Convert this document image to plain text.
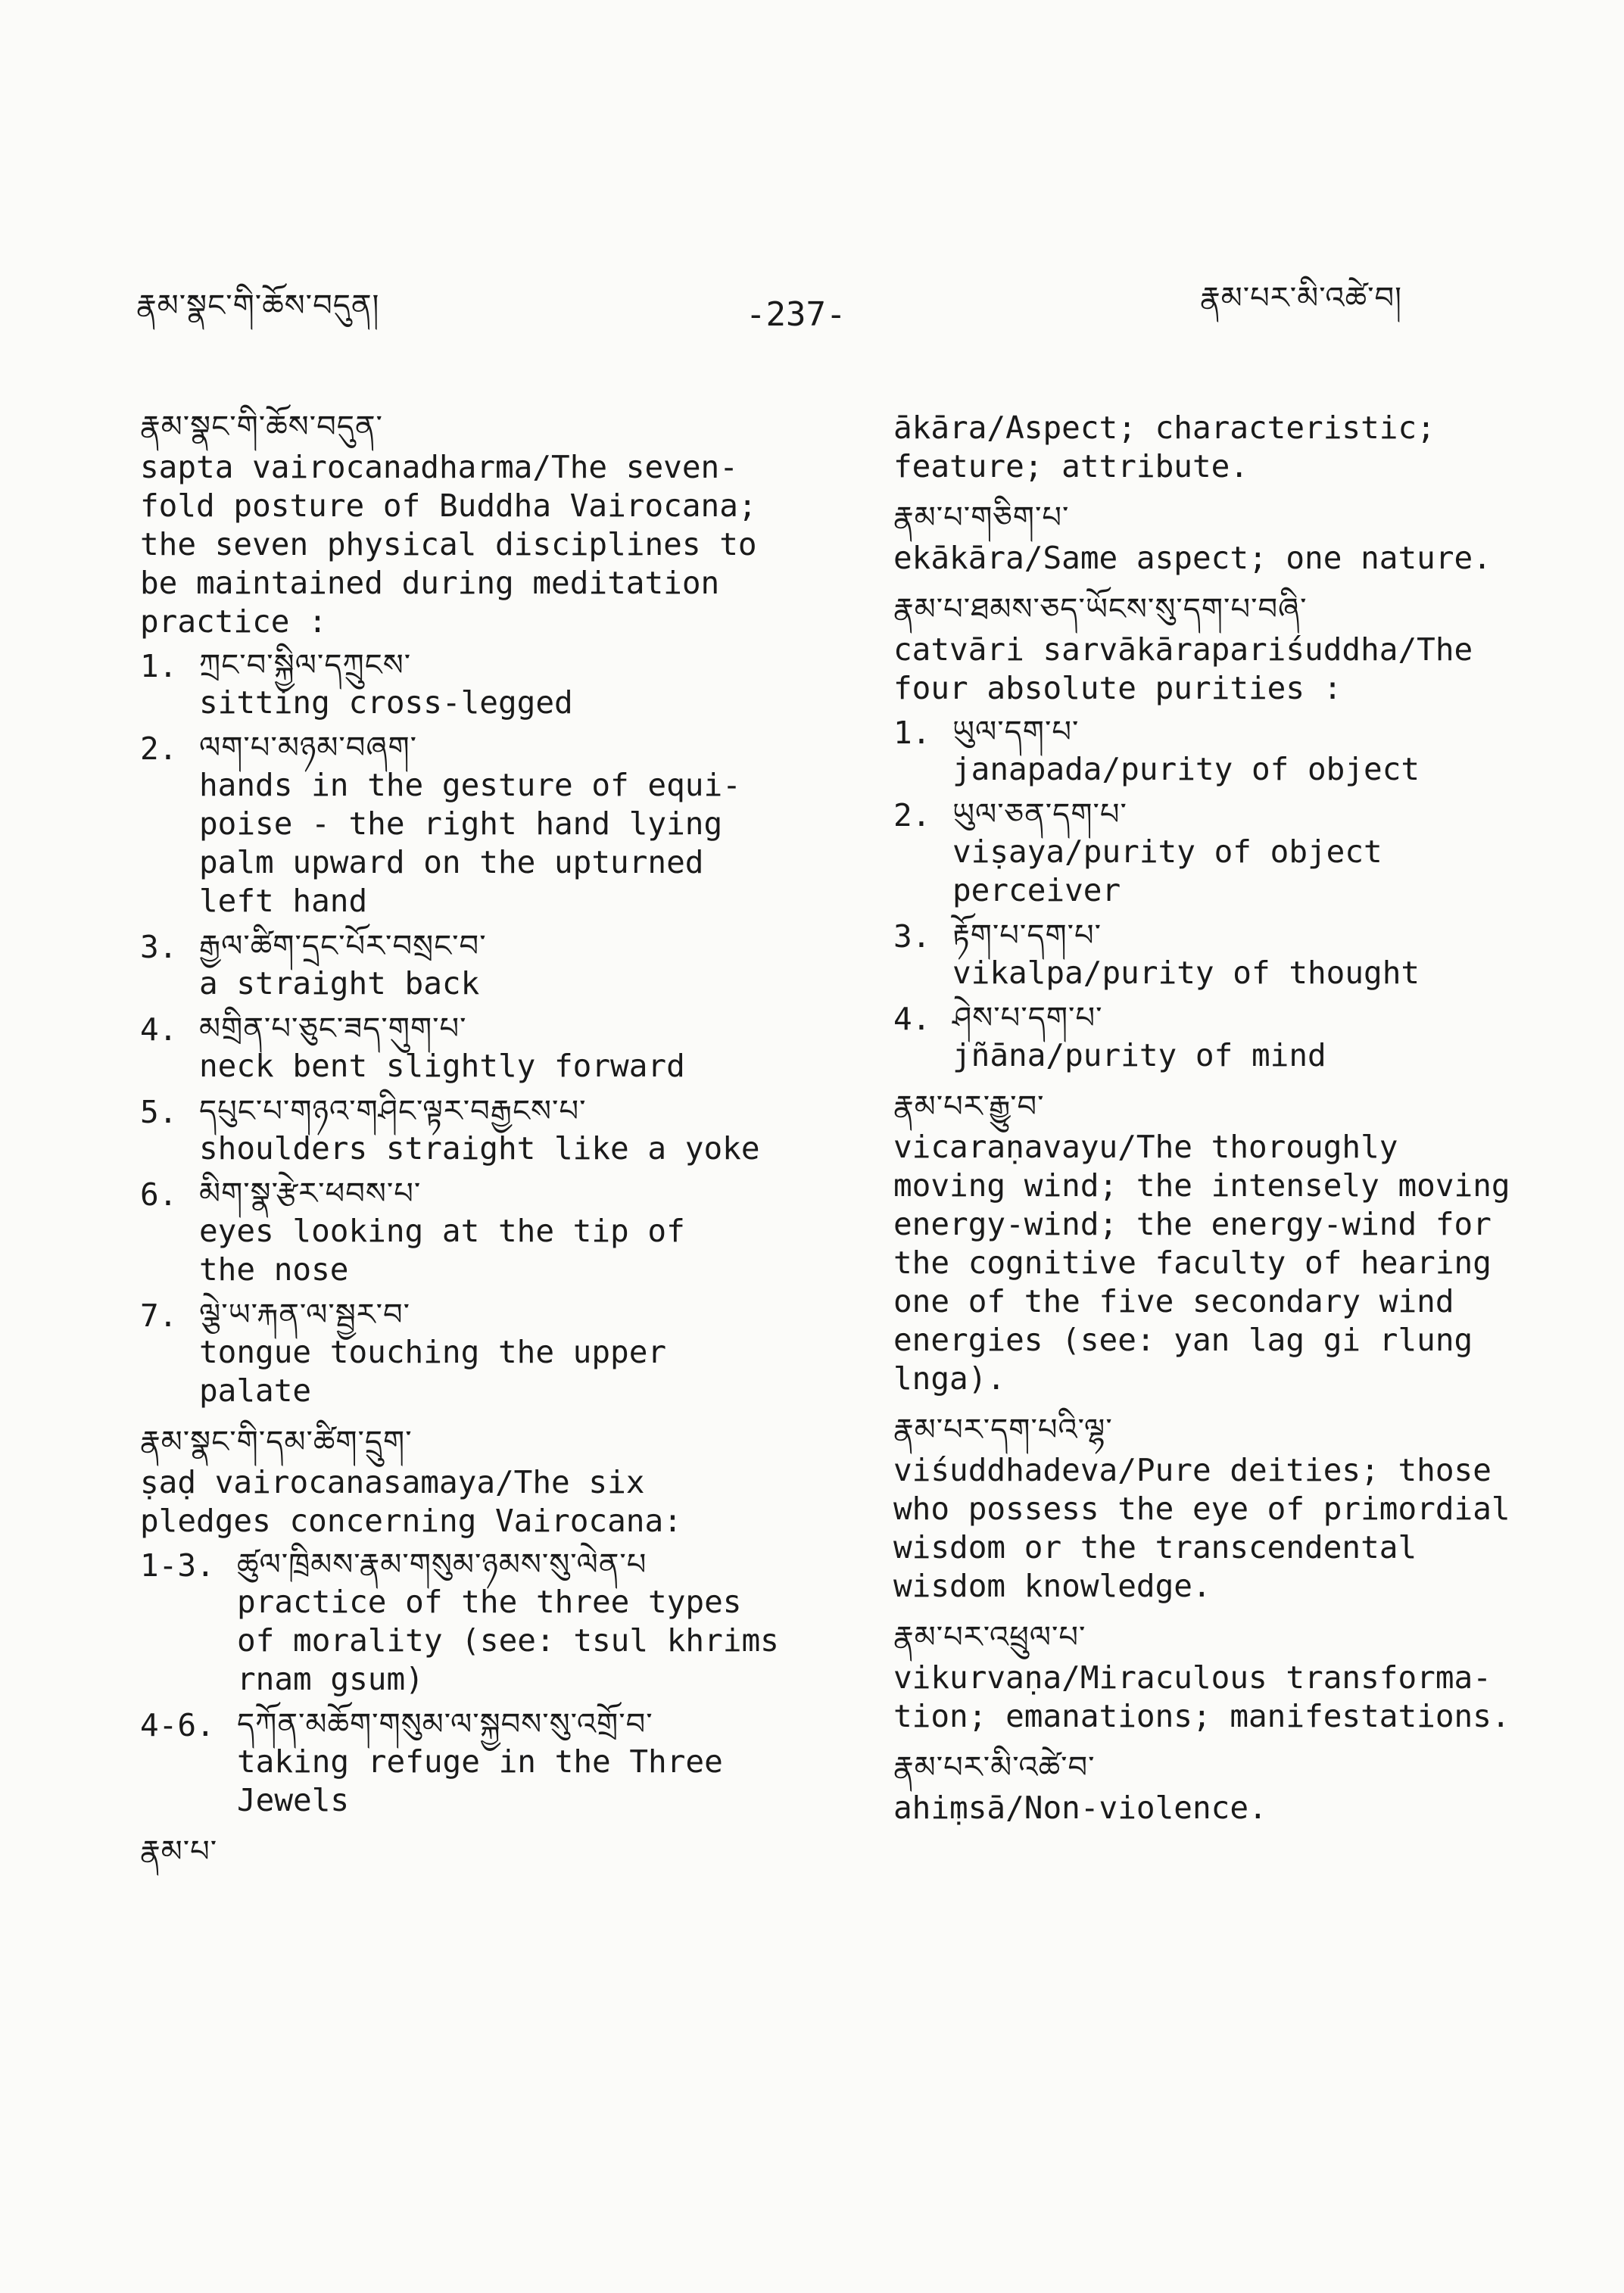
རྣམ་སྣང་གི་ཆོས་བདུན།	-237-	རྣམ་པར་མི་འཚེ་བ།
རྣམ་སྣང་གི་ཆོས་བདུན་
sapta vairocanadharma/The seven-
fold posture of Buddha Vairocana;
the seven physical disciplines to
be maintained during meditation
practice :
1. ཀྲང་བ་སྐྱིལ་དཀྲུངས་
sitting cross-legged
2. ལག་པ་མཉམ་བཞག་
hands in the gesture of equi-
poise - the right hand lying
palm upward on the upturned
left hand
3. རྒྱལ་ཚིག་དྲང་པོར་བསྲང་བ་
a straight back
4. མགྲིན་པ་ཅུང་ཟད་གུག་པ་
neck bent slightly forward
5. དཔུང་པ་གཉའ་གཤིང་ལྟར་བརྒྱངས་པ་
shoulders straight like a yoke
6. མིག་སྣ་རྩེར་ཕབས་པ་
eyes looking at the tip of
the nose
7. ལྕེ་ཡ་རྐན་ལ་སྦྱར་བ་
tongue touching the upper
palate
རྣམ་སྣང་གི་དམ་ཚིག་དྲུག་
ṣaḍ vairocanasamaya/The six
pledges concerning Vairocana:
1-3. ཚུལ་ཁྲིམས་རྣམ་གསུམ་ཉམས་སུ་ལེན་པ
practice of the three types
of morality (see: tsul khrims
rnam gsum)
4-6. དཀོན་མཆོག་གསུམ་ལ་སྐྱབས་སུ་འགྲོ་བ་
taking refuge in the Three
Jewels
རྣམ་པ་
ākāra/Aspect; characteristic;
feature; attribute.
རྣམ་པ་གཅིག་པ་
ekākāra/Same aspect; one nature.
རྣམ་པ་ཐམས་ཅད་ཡོངས་སུ་དག་པ་བཞི་
catvāri sarvākārapariśuddha/The
four absolute purities :
1. ཡུལ་དག་པ་
janapada/purity of object
2. ཡུལ་ཅན་དག་པ་
viṣaya/purity of object
perceiver
3. རྟོག་པ་དག་པ་
vikalpa/purity of thought
4. ཤེས་པ་དག་པ་
jñāna/purity of mind
རྣམ་པར་རྒྱུ་བ་
vicaraṇavayu/The thoroughly
moving wind; the intensely moving
energy-wind; the energy-wind for
the cognitive faculty of hearing
one of the five secondary wind
energies (see: yan lag gi rlung
lnga).
རྣམ་པར་དག་པའི་ལྷ་
viśuddhadeva/Pure deities; those
who possess the eye of primordial
wisdom or the transcendental
wisdom knowledge.
རྣམ་པར་འཕྲུལ་པ་
vikurvaṇa/Miraculous transforma-
tion; emanations; manifestations.
རྣམ་པར་མི་འཚེ་བ་
ahiṃsā/Non-violence.
